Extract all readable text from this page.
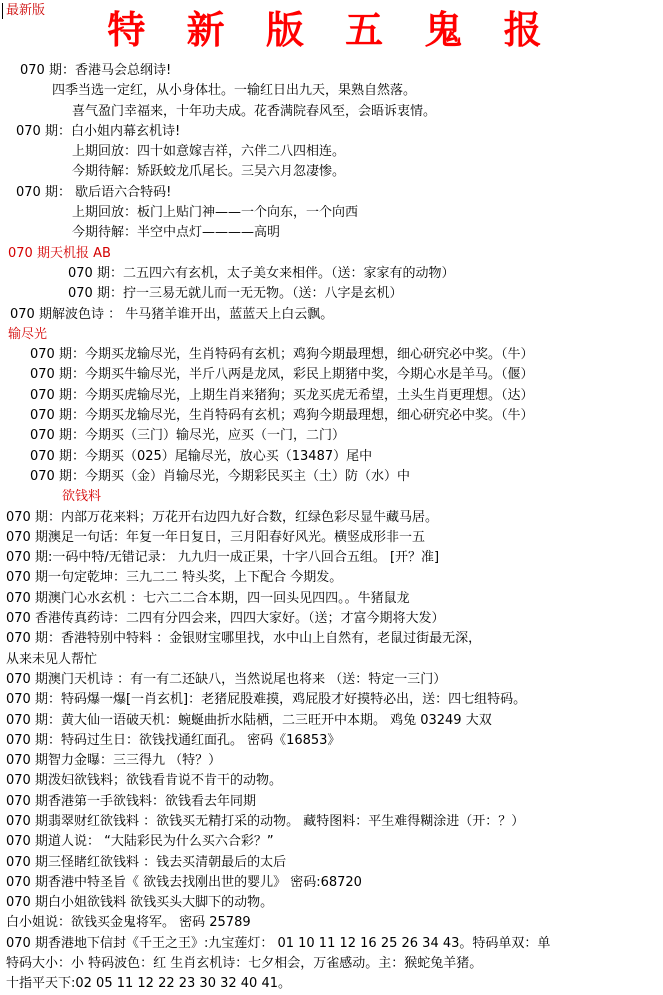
最新版	特 新 版 五 鬼 报
070 期：香港马会总纲诗!
四季当选一定红，从小身体壮。一输红日出九天，果熟自然落。
喜气盈门幸福来，十年功夫成。花香满院春风至，会晤诉衷情。
070 期：白小姐内幕玄机诗!
上期回放：四十如意嫁吉祥，六伴二八四相连。
今期待解：矫跃蛟龙爪尾长。三吴六月忽凄惨。
070 期： 歇后语六合特码!
上期回放：板门上贴门神——一个向东，一个向西
今期待解：半空中点灯————高明
070 期天机报 AB
070 期：二五四六有玄机，太子美女来相伴。（送：家家有的动物）
070 期：拧一三易无就儿而一无无物。（送：八字是玄机）
070 期解波色诗 ： 牛马猪羊谁开出，蓝蓝天上白云飘。
输尽光
070 期：今期买龙输尽光，生肖特码有玄机；鸡狗今期最理想，细心研究必中奖。（牛）
070 期：今期买牛输尽光，半斤八两是龙凤，彩民上期猪中奖，今期心水是羊马。（偃）
070 期：今期买虎输尽光，上期生肖来猪狗；买龙买虎无希望，土头生肖更理想。（达）
070 期：今期买龙输尽光，生肖特码有玄机；鸡狗今期最理想，细心研究必中奖。（牛）
070 期：今期买（三门）输尽光，应买（一门，二门）
070 期：今期买（025）尾输尽光，放心买（13487）尾中
070 期：今期买（金）肖输尽光，今期彩民买主（土）防（水）中
欲钱料
070 期：内部万花来料；万花开右边四九好合数，红绿色彩尽显牛藏马居。
070 期澳足一句话：年复一年日复日，三月阳春好风光。横竖成形非一五
070 期:一码中特/无错记录： 九九归一成正果，十字八回合五组。 [开？准]
070 期一句定乾坤：三九二二 特头奖，上下配合 今期发。
070 期澳门心水玄机 ：七六二二合本期，四一回头见四四。。牛猪鼠龙
070 香港传真药诗：二四有分四会来，四四大家好。（送；才富今期将大发）
070 期：香港特别中特料 ：金银财宝哪里找，水中山上自然有，老鼠过街最无深，
从来未见人帮忙
070 期澳门天机诗 ：有一有二还缺八，当然说尾也将来 （送：特定一三门）
070 期：特码爆一爆[一肖玄机]：老猪屁股难摸，鸡屁股才好摸特必出，送：四七组特码。
070 期：黄大仙一语破天机：蜿蜒曲折水陆栖，二三旺开中本期。 鸡兔 03249 大双
070 期：特码过生日：欲钱找通红面孔。 密码《16853》
070 期智力金曝：三三得九 （特？）
070 期泼妇欲钱料；欲钱看肯说不肯干的动物。
070 期香港第一手欲钱料：欲钱看去年同期
070 期翡翠财红欲钱料 ：欲钱买无精打采的动物。 藏特图料：平生难得糊涂进（开：？）
070 期道人说： “大陆彩民为什么买六合彩？”
070 期三怪睹红欲钱料 ：钱去买清朝最后的太后
070 期香港中特圣旨《 欲钱去找刚出世的婴儿》 密码:68720
070 期白小姐欲钱料 欲钱买头大脚下的动物。
白小姐说：欲钱买金鬼将军。 密码 25789
070 期香港地下信封《千王之王》:九宝莲灯： 01 10 11 12 16 25 26 34 43。特码单双：单
特码大小：小 特码波色：红 生肖玄机诗：七夕相会，万雀感动。主：猴蛇兔羊猪。
十指平天下:02 05 11 12 22 23 30 32 40 41。
